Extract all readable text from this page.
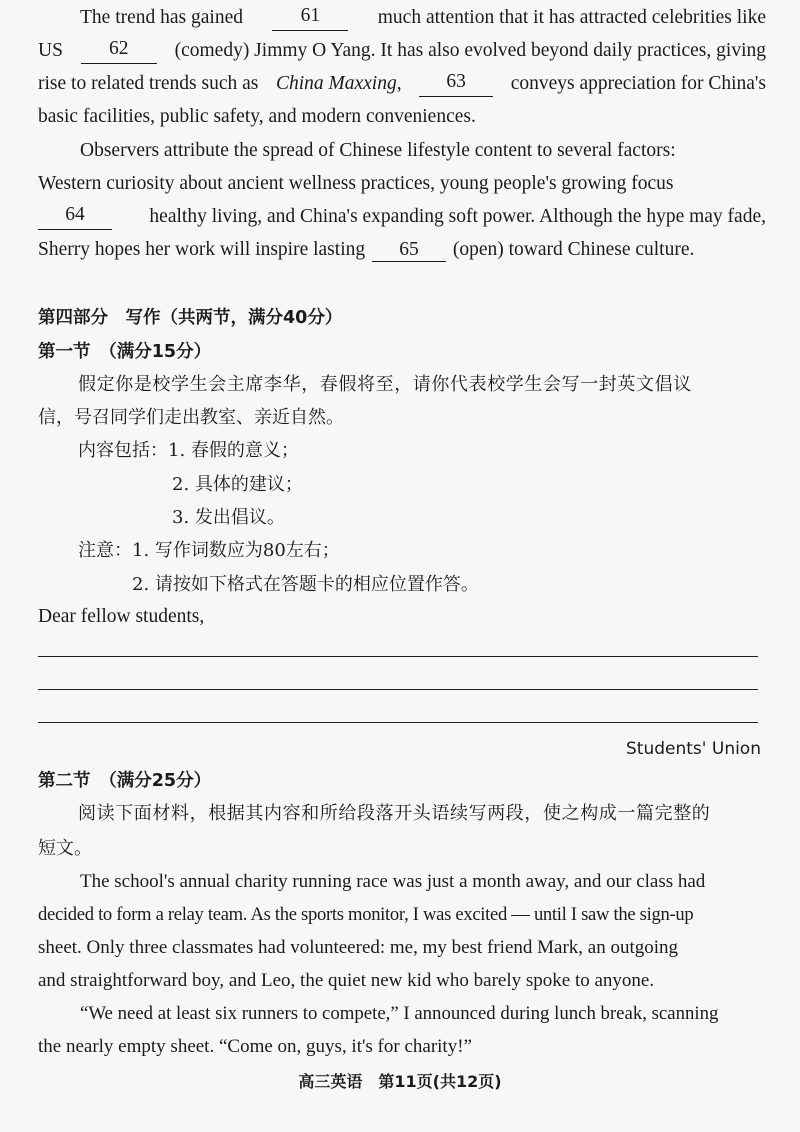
The trend has gained	61	much attention that it has attracted celebrities like
US	62	(comedy) Jimmy O Yang. It has also evolved beyond daily practices, giving
rise to related trends such as China Maxxing,	63	conveys appreciation for China's
basic facilities, public safety, and modern conveniences.
Observers attribute the spread of Chinese lifestyle content to several factors:
Western curiosity about ancient wellness practices, young people's growing focus
64	healthy living, and China's expanding soft power. Although the hype may fade,
Sherry hopes her work will inspire lasting 65 (open) toward Chinese culture.
第四部分　写作（共两节，满分40分）
第一节　（满分15分）
假定你是校学生会主席李华，春假将至，请你代表校学生会写一封英文倡议
信，号召同学们走出教室、亲近自然。
内容包括：1. 春假的意义；
2. 具体的建议；
3. 发出倡议。
注意：1. 写作词数应为80左右；
2. 请按如下格式在答题卡的相应位置作答。
Dear fellow students,
Students' Union
第二节　（满分25分）
阅读下面材料，根据其内容和所给段落开头语续写两段，使之构成一篇完整的
短文。
The school's annual charity running race was just a month away, and our class had
decided to form a relay team. As the sports monitor, I was excited — until I saw the sign-up
sheet. Only three classmates had volunteered: me, my best friend Mark, an outgoing
and straightforward boy, and Leo, the quiet new kid who barely spoke to anyone.
“We need at least six runners to compete,” I announced during lunch break, scanning
the nearly empty sheet. “Come on, guys, it's for charity!”
高三英语　第11页(共12页)
